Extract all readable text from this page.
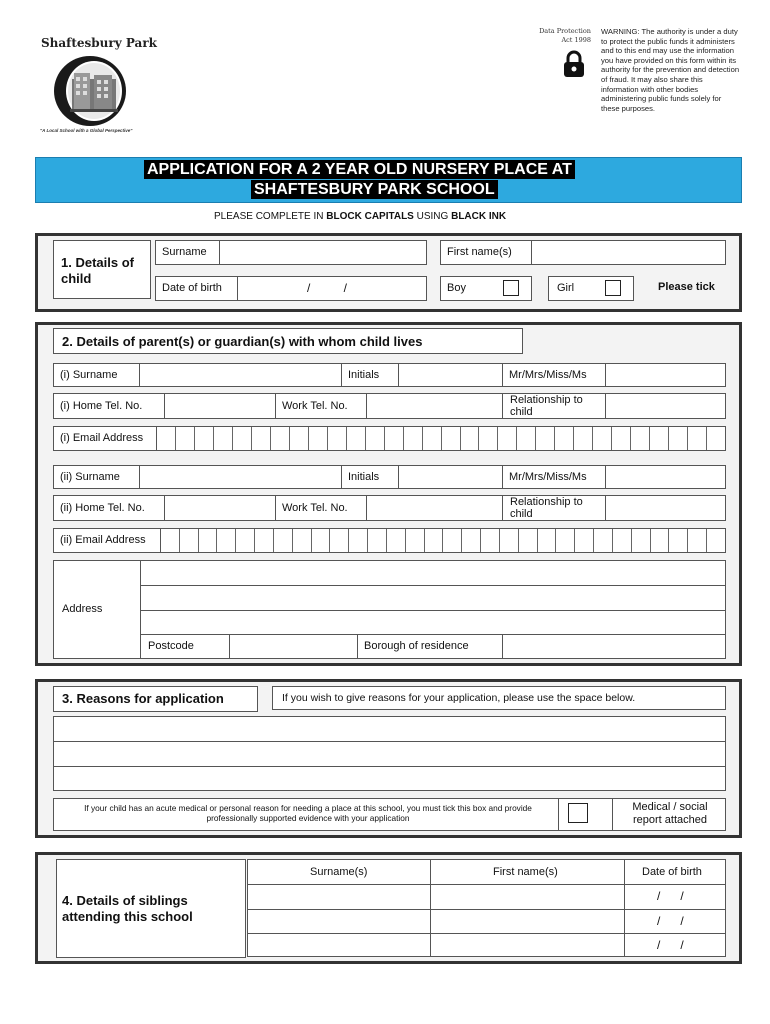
Shaftesbury Park
"A Local School with a Global Perspective"
Data Protection Act 1998
WARNING: The authority is under a duty to protect the public funds it administers and to this end may use the information you have provided on this form within its authority for the prevention and detection of fraud. It may also share this information with other bodies administering public funds solely for these purposes.
APPLICATION FOR A 2 YEAR OLD NURSERY PLACE AT
SHAFTESBURY PARK SCHOOL
PLEASE COMPLETE IN BLOCK CAPITALS USING BLACK INK
1. Details of child
Surname	First name(s)
Date of birth	/          /	Boy	Girl	Please tick
2. Details of parent(s) or guardian(s) with whom child lives
(i) Surname	Initials	Mr/Mrs/Miss/Ms
(i) Home Tel. No.	Work Tel. No.	Relationship to child
(i) Email Address
(ii) Surname	Initials	Mr/Mrs/Miss/Ms
(ii) Home Tel. No.	Work Tel. No.	Relationship to child
(ii) Email Address
Address
Postcode	Borough of residence
3. Reasons for application	If you wish to give reasons for your application, please use the space below.
If your child has an acute medical or personal reason for needing a place at this school, you must tick this box and provide professionally supported evidence with your application
Medical / social report attached
4. Details of siblings attending this school
Surname(s)	First name(s)	Date of birth
/      /
/      /
/      /
